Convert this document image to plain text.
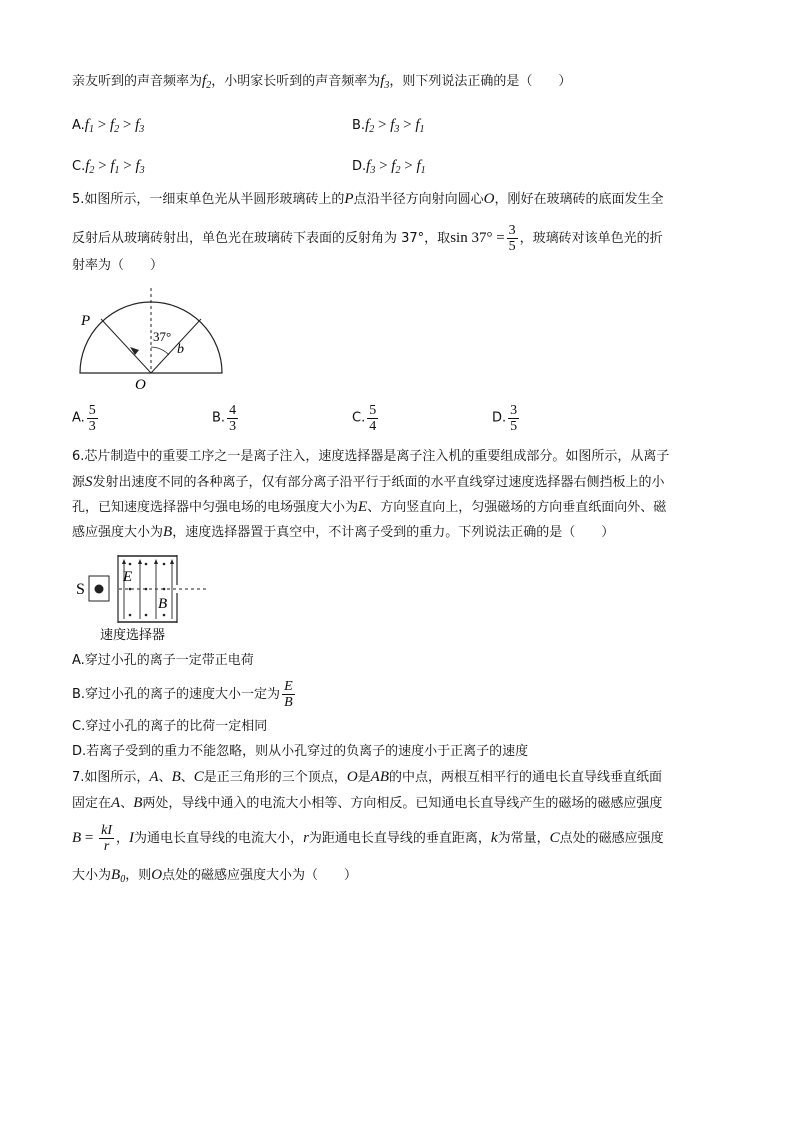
亲友听到的声音频率为$f_2$，小明家长听到的声音频率为$f_3$，则下列说法正确的是（　　）
$A.f_1 > f_2 > f_3$	$B.f_2 > f_3 > f_1$
$C.f_2 > f_1 > f_3$	$D.f_3 > f_2 > f_1$
5.如图所示，一细束单色光从半圆形玻璃砖上的P点沿半径方向射向圆心O，刚好在玻璃砖的底面发生全
反射后从玻璃砖射出，单色光在玻璃砖下表面的反射角为 37°，取$\sin 37^\circ = \frac{3}{5}$ ，玻璃砖对该单色光的折
射率为（　　）
P
O
37°
b
A. $\frac{5}{3}$	B. $\frac{4}{3}$	C. $\frac{5}{4}$	D. $\frac{3}{5}$
6.芯片制造中的重要工序之一是离子注入，速度选择器是离子注入机的重要组成部分。如图所示，从离子
源S发射出速度不同的各种离子，仅有部分离子沿平行于纸面的水平直线穿过速度选择器右侧挡板上的小
孔，已知速度选择器中匀强电场的电场强度大小为E、方向竖直向上，匀强磁场的方向垂直纸面向外、磁
感应强度大小为B，速度选择器置于真空中，不计离子受到的重力。下列说法正确的是（　　）
S
E
B
速度选择器
A.穿过小孔的离子一定带正电荷
B.穿过小孔的离子的速度大小一定为 $\frac{E}{B}$
C.穿过小孔的离子的比荷一定相同
D.若离子受到的重力不能忽略，则从小孔穿过的负离子的速度小于正离子的速度
7.如图所示，A、B、C是正三角形的三个顶点，O是AB的中点，两根互相平行的通电长直导线垂直纸面
固定在A、B两处，导线中通入的电流大小相等、方向相反。已知通电长直导线产生的磁场的磁感应强度
$B = \frac{kI}{r}$ ，I为通电长直导线的电流大小，r为距通电长直导线的垂直距离，k为常量，C点处的磁感应强度
大小为$B_0$，则O点处的磁感应强度大小为（　　）
